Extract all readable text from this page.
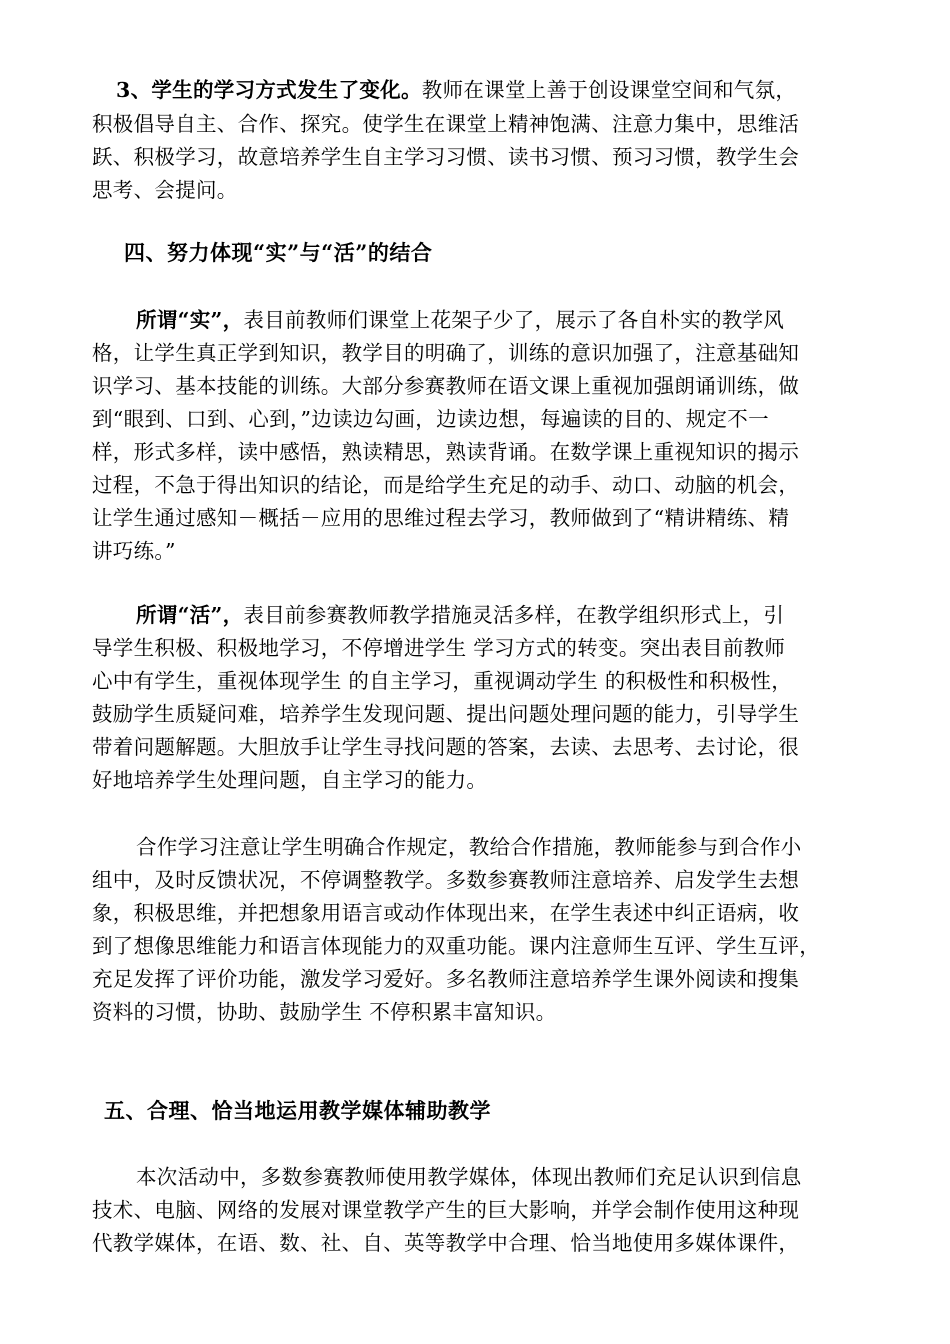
3、学生的学习方式发生了变化。教师在课堂上善于创设课堂空间和气氛，
积极倡导自主、合作、探究。使学生在课堂上精神饱满、注意力集中，思维活
跃、积极学习，故意培养学生自主学习习惯、读书习惯、预习习惯，教学生会
思考、会提问。
四、努力体现“实”与“活”的结合
所谓“实”，表目前教师们课堂上花架子少了，展示了各自朴实的教学风
格，让学生真正学到知识，教学目的明确了，训练的意识加强了，注意基础知
识学习、基本技能的训练。大部分参赛教师在语文课上重视加强朗诵训练，做
到“眼到、口到、心到，”边读边勾画，边读边想，每遍读的目的、规定不一
样，形式多样，读中感悟，熟读精思，熟读背诵。在数学课上重视知识的揭示
过程，不急于得出知识的结论，而是给学生充足的动手、动口、动脑的机会，
让学生通过感知－概括－应用的思维过程去学习，教师做到了“精讲精练、精
讲巧练。”
所谓“活”，表目前参赛教师教学措施灵活多样，在教学组织形式上，引
导学生积极、积极地学习，不停增进学生 学习方式的转变。突出表目前教师
心中有学生，重视体现学生 的自主学习，重视调动学生 的积极性和积极性，
鼓励学生质疑问难，培养学生发现问题、提出问题处理问题的能力，引导学生
带着问题解题。大胆放手让学生寻找问题的答案，去读、去思考、去讨论，很
好地培养学生处理问题，自主学习的能力。
合作学习注意让学生明确合作规定，教给合作措施，教师能参与到合作小
组中，及时反馈状况，不停调整教学。多数参赛教师注意培养、启发学生去想
象，积极思维，并把想象用语言或动作体现出来，在学生表述中纠正语病，收
到了想像思维能力和语言体现能力的双重功能。课内注意师生互评、学生互评，
充足发挥了评价功能，激发学习爱好。多名教师注意培养学生课外阅读和搜集
资料的习惯，协助、鼓励学生 不停积累丰富知识。
五、合理、恰当地运用教学媒体辅助教学
本次活动中，多数参赛教师使用教学媒体，体现出教师们充足认识到信息
技术、电脑、网络的发展对课堂教学产生的巨大影响，并学会制作使用这种现
代教学媒体，在语、数、社、自、英等教学中合理、恰当地使用多媒体课件，
